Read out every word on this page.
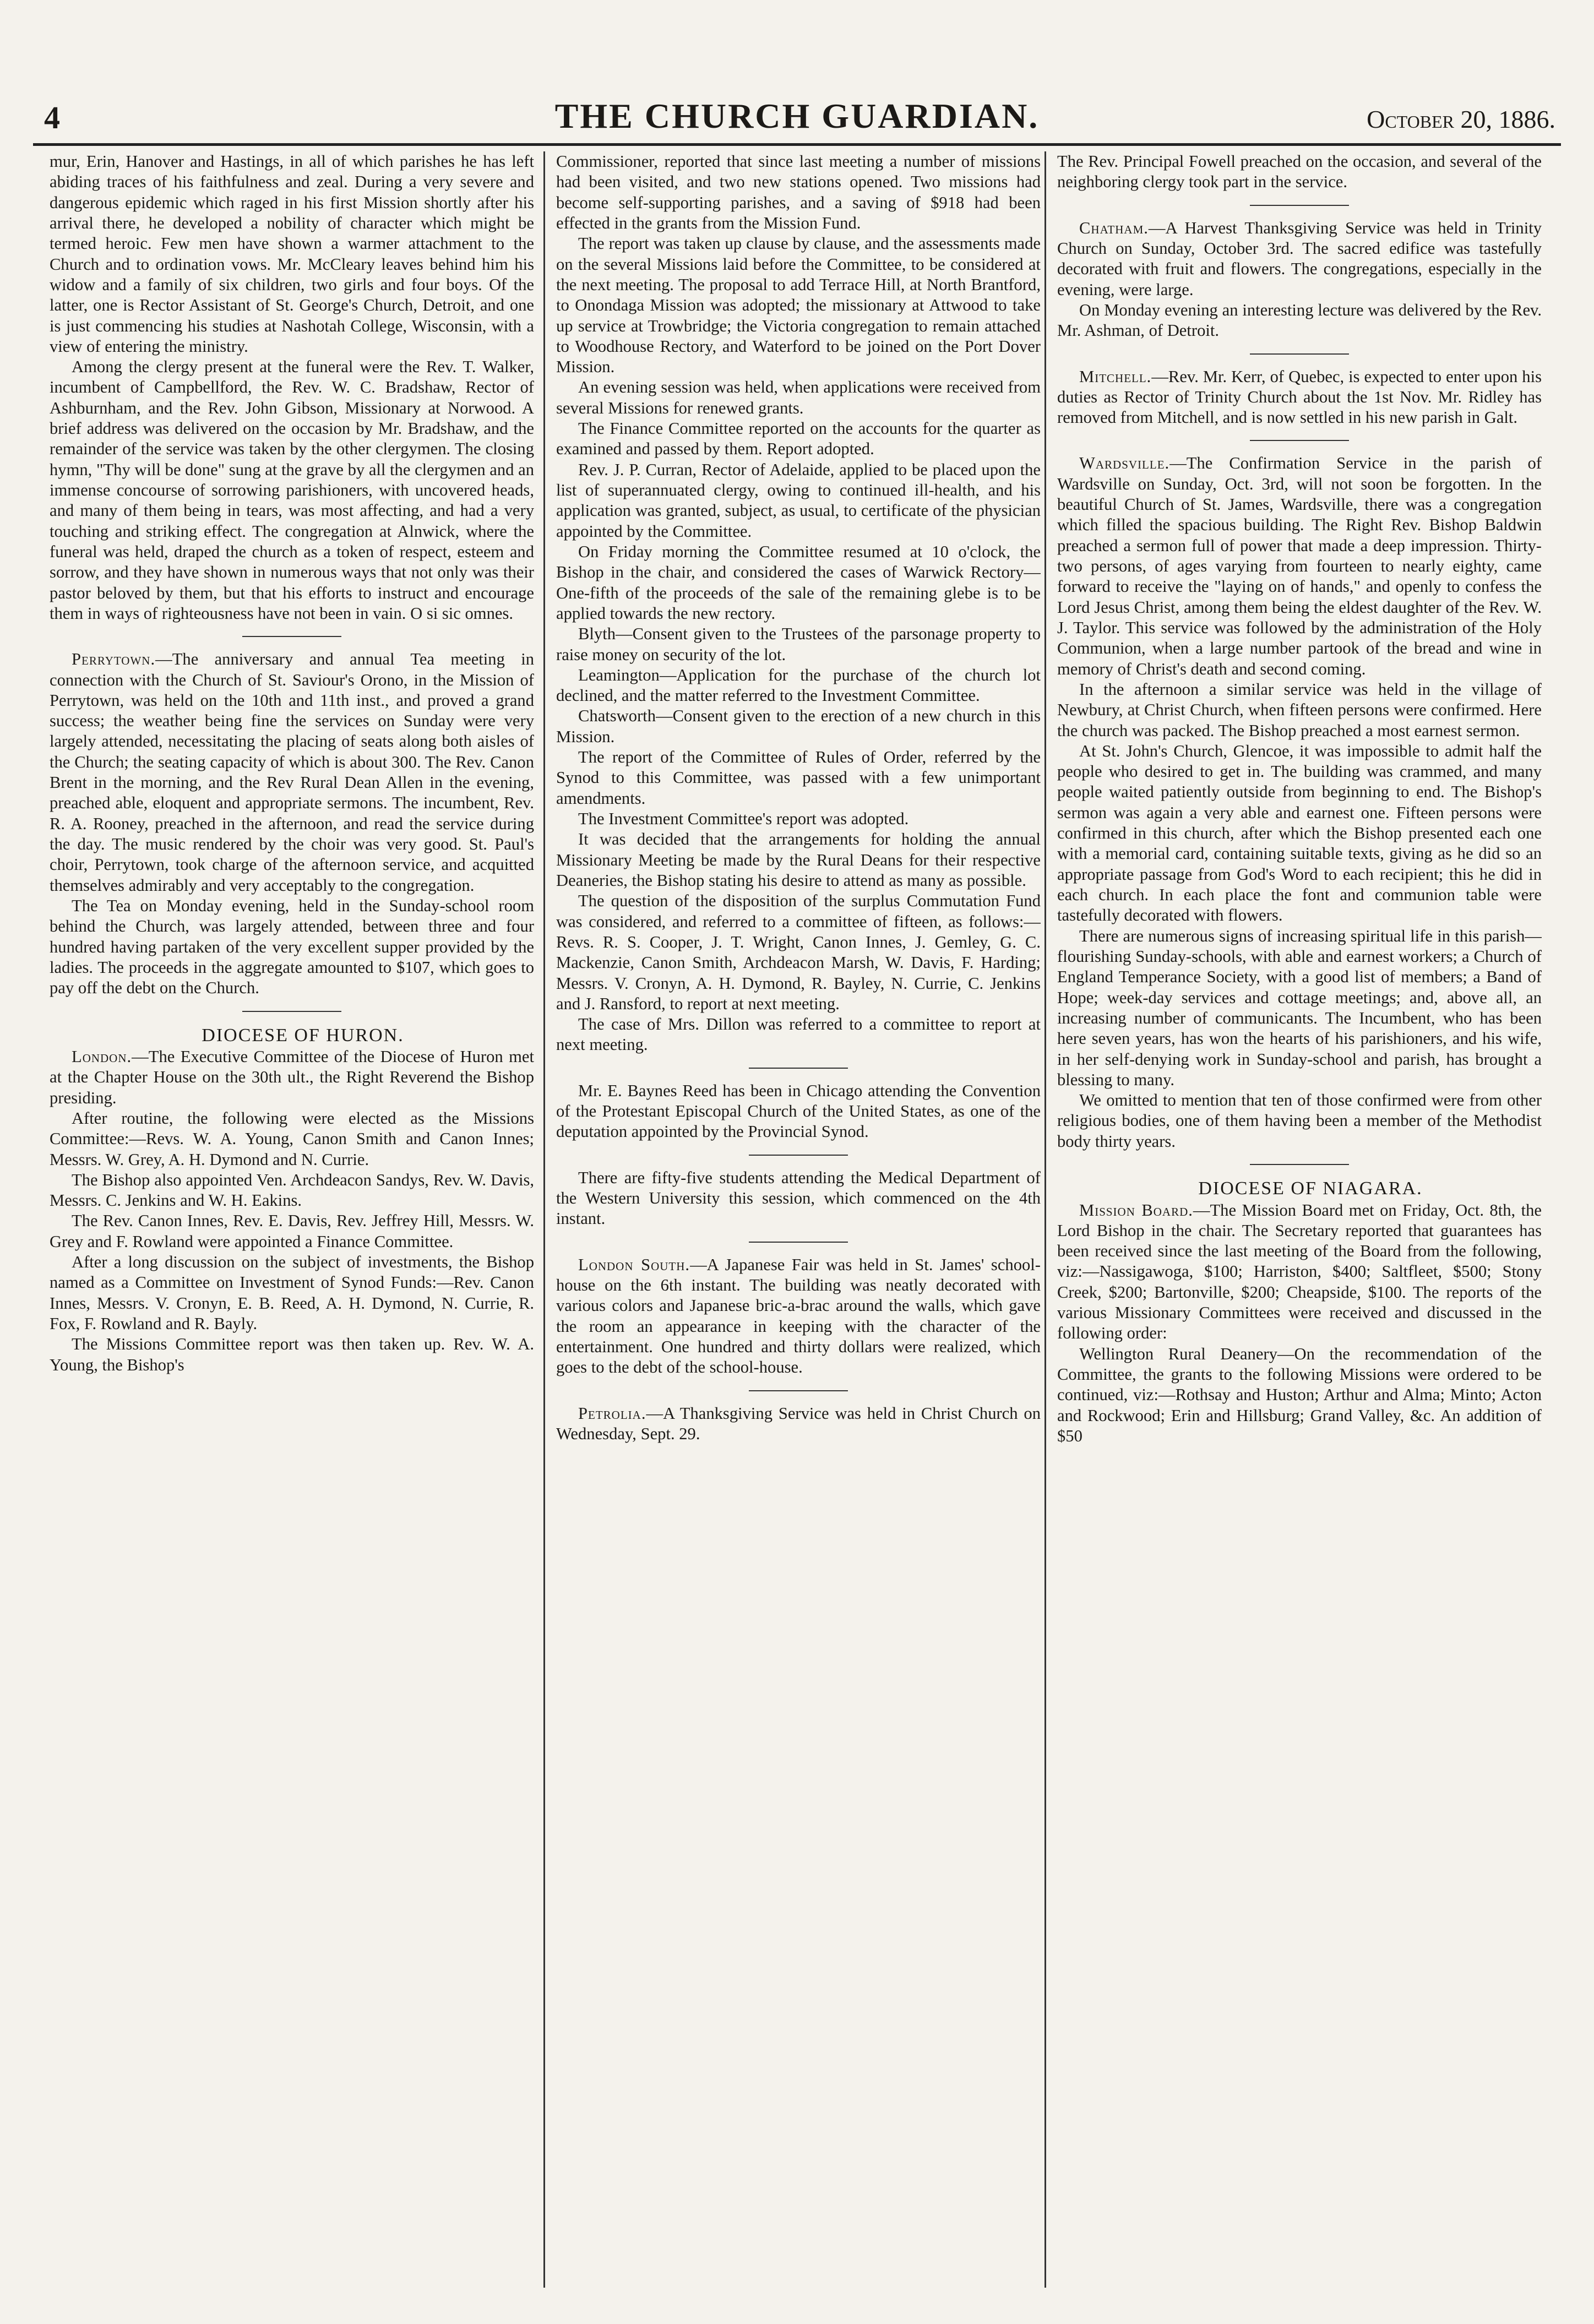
4	THE CHURCH GUARDIAN.	October 20, 1886.

mur, Erin, Hanover and Hastings, in all of which parishes he has left abiding traces of his faithfulness and zeal. During a very severe and dangerous epidemic which raged in his first Mission shortly after his arrival there, he developed a nobility of character which might be termed heroic. Few men have shown a warmer attachment to the Church and to ordination vows. Mr. McCleary leaves behind him his widow and a family of six children, two girls and four boys. Of the latter, one is Rector Assistant of St. George's Church, Detroit, and one is just commencing his studies at Nashotah College, Wisconsin, with a view of entering the ministry.

Among the clergy present at the funeral were the Rev. T. Walker, incumbent of Campbellford, the Rev. W. C. Bradshaw, Rector of Ashburnham, and the Rev. John Gibson, Missionary at Norwood. A brief address was delivered on the occasion by Mr. Bradshaw, and the remainder of the service was taken by the other clergymen. The closing hymn, "Thy will be done" sung at the grave by all the clergymen and an immense concourse of sorrowing parishioners, with uncovered heads, and many of them being in tears, was most affecting, and had a very touching and striking effect. The congregation at Alnwick, where the funeral was held, draped the church as a token of respect, esteem and sorrow, and they have shown in numerous ways that not only was their pastor beloved by them, but that his efforts to instruct and encourage them in ways of righteousness have not been in vain. O si sic omnes.

Perrytown.—The anniversary and annual Tea meeting in connection with the Church of St. Saviour's Orono, in the Mission of Perrytown, was held on the 10th and 11th inst., and proved a grand success; the weather being fine the services on Sunday were very largely attended, necessitating the placing of seats along both aisles of the Church; the seating capacity of which is about 300. The Rev. Canon Brent in the morning, and the Rev Rural Dean Allen in the evening, preached able, eloquent and appropriate sermons. The incumbent, Rev. R. A. Rooney, preached in the afternoon, and read the service during the day. The music rendered by the choir was very good. St. Paul's choir, Perrytown, took charge of the afternoon service, and acquitted themselves admirably and very acceptably to the congregation.

The Tea on Monday evening, held in the Sunday-school room behind the Church, was largely attended, between three and four hundred having partaken of the very excellent supper provided by the ladies. The proceeds in the aggregate amounted to $107, which goes to pay off the debt on the Church.

DIOCESE OF HURON.

London.—The Executive Committee of the Diocese of Huron met at the Chapter House on the 30th ult., the Right Reverend the Bishop presiding.

After routine, the following were elected as the Missions Committee:—Revs. W. A. Young, Canon Smith and Canon Innes; Messrs. W. Grey, A. H. Dymond and N. Currie.

The Bishop also appointed Ven. Archdeacon Sandys, Rev. W. Davis, Messrs. C. Jenkins and W. H. Eakins.

The Rev. Canon Innes, Rev. E. Davis, Rev. Jeffrey Hill, Messrs. W. Grey and F. Rowland were appointed a Finance Committee.

After a long discussion on the subject of investments, the Bishop named as a Committee on Investment of Synod Funds:—Rev. Canon Innes, Messrs. V. Cronyn, E. B. Reed, A. H. Dymond, N. Currie, R. Fox, F. Rowland and R. Bayly.

The Missions Committee report was then taken up. Rev. W. A. Young, the Bishop's

Commissioner, reported that since last meeting a number of missions had been visited, and two new stations opened. Two missions had become self-supporting parishes, and a saving of $918 had been effected in the grants from the Mission Fund.

The report was taken up clause by clause, and the assessments made on the several Missions laid before the Committee, to be considered at the next meeting. The proposal to add Terrace Hill, at North Brantford, to Onondaga Mission was adopted; the missionary at Attwood to take up service at Trowbridge; the Victoria congregation to remain attached to Woodhouse Rectory, and Waterford to be joined on the Port Dover Mission.

An evening session was held, when applications were received from several Missions for renewed grants.

The Finance Committee reported on the accounts for the quarter as examined and passed by them. Report adopted.

Rev. J. P. Curran, Rector of Adelaide, applied to be placed upon the list of superannuated clergy, owing to continued ill-health, and his application was granted, subject, as usual, to certificate of the physician appointed by the Committee.

On Friday morning the Committee resumed at 10 o'clock, the Bishop in the chair, and considered the cases of Warwick Rectory—One-fifth of the proceeds of the sale of the remaining glebe is to be applied towards the new rectory.

Blyth—Consent given to the Trustees of the parsonage property to raise money on security of the lot.

Leamington—Application for the purchase of the church lot declined, and the matter referred to the Investment Committee.

Chatsworth—Consent given to the erection of a new church in this Mission.

The report of the Committee of Rules of Order, referred by the Synod to this Committee, was passed with a few unimportant amendments.

The Investment Committee's report was adopted.

It was decided that the arrangements for holding the annual Missionary Meeting be made by the Rural Deans for their respective Deaneries, the Bishop stating his desire to attend as many as possible.

The question of the disposition of the surplus Commutation Fund was considered, and referred to a committee of fifteen, as follows:—Revs. R. S. Cooper, J. T. Wright, Canon Innes, J. Gemley, G. C. Mackenzie, Canon Smith, Archdeacon Marsh, W. Davis, F. Harding; Messrs. V. Cronyn, A. H. Dymond, R. Bayley, N. Currie, C. Jenkins and J. Ransford, to report at next meeting.

The case of Mrs. Dillon was referred to a committee to report at next meeting.

Mr. E. Baynes Reed has been in Chicago attending the Convention of the Protestant Episcopal Church of the United States, as one of the deputation appointed by the Provincial Synod.

There are fifty-five students attending the Medical Department of the Western University this session, which commenced on the 4th instant.

London South.—A Japanese Fair was held in St. James' school-house on the 6th instant. The building was neatly decorated with various colors and Japanese bric-a-brac around the walls, which gave the room an appearance in keeping with the character of the entertainment. One hundred and thirty dollars were realized, which goes to the debt of the school-house.

Petrolia.—A Thanksgiving Service was held in Christ Church on Wednesday, Sept. 29.

The Rev. Principal Fowell preached on the occasion, and several of the neighboring clergy took part in the service.

Chatham.—A Harvest Thanksgiving Service was held in Trinity Church on Sunday, October 3rd. The sacred edifice was tastefully decorated with fruit and flowers. The congregations, especially in the evening, were large.

On Monday evening an interesting lecture was delivered by the Rev. Mr. Ashman, of Detroit.

Mitchell.—Rev. Mr. Kerr, of Quebec, is expected to enter upon his duties as Rector of Trinity Church about the 1st Nov. Mr. Ridley has removed from Mitchell, and is now settled in his new parish in Galt.

Wardsville.—The Confirmation Service in the parish of Wardsville on Sunday, Oct. 3rd, will not soon be forgotten. In the beautiful Church of St. James, Wardsville, there was a congregation which filled the spacious building. The Right Rev. Bishop Baldwin preached a sermon full of power that made a deep impression. Thirty-two persons, of ages varying from fourteen to nearly eighty, came forward to receive the "laying on of hands," and openly to confess the Lord Jesus Christ, among them being the eldest daughter of the Rev. W. J. Taylor. This service was followed by the administration of the Holy Communion, when a large number partook of the bread and wine in memory of Christ's death and second coming.

In the afternoon a similar service was held in the village of Newbury, at Christ Church, when fifteen persons were confirmed. Here the church was packed. The Bishop preached a most earnest sermon.

At St. John's Church, Glencoe, it was impossible to admit half the people who desired to get in. The building was crammed, and many people waited patiently outside from beginning to end. The Bishop's sermon was again a very able and earnest one. Fifteen persons were confirmed in this church, after which the Bishop presented each one with a memorial card, containing suitable texts, giving as he did so an appropriate passage from God's Word to each recipient; this he did in each church. In each place the font and communion table were tastefully decorated with flowers.

There are numerous signs of increasing spiritual life in this parish—flourishing Sunday-schools, with able and earnest workers; a Church of England Temperance Society, with a good list of members; a Band of Hope; week-day services and cottage meetings; and, above all, an increasing number of communicants. The Incumbent, who has been here seven years, has won the hearts of his parishioners, and his wife, in her self-denying work in Sunday-school and parish, has brought a blessing to many.

We omitted to mention that ten of those confirmed were from other religious bodies, one of them having been a member of the Methodist body thirty years.

DIOCESE OF NIAGARA.

Mission Board.—The Mission Board met on Friday, Oct. 8th, the Lord Bishop in the chair. The Secretary reported that guarantees has been received since the last meeting of the Board from the following, viz:—Nassigawoga, $100; Harriston, $400; Saltfleet, $500; Stony Creek, $200; Bartonville, $200; Cheapside, $100. The reports of the various Missionary Committees were received and discussed in the following order:

Wellington Rural Deanery—On the recommendation of the Committee, the grants to the following Missions were ordered to be continued, viz:—Rothsay and Huston; Arthur and Alma; Minto; Acton and Rockwood; Erin and Hillsburg; Grand Valley, &c. An addition of $50
